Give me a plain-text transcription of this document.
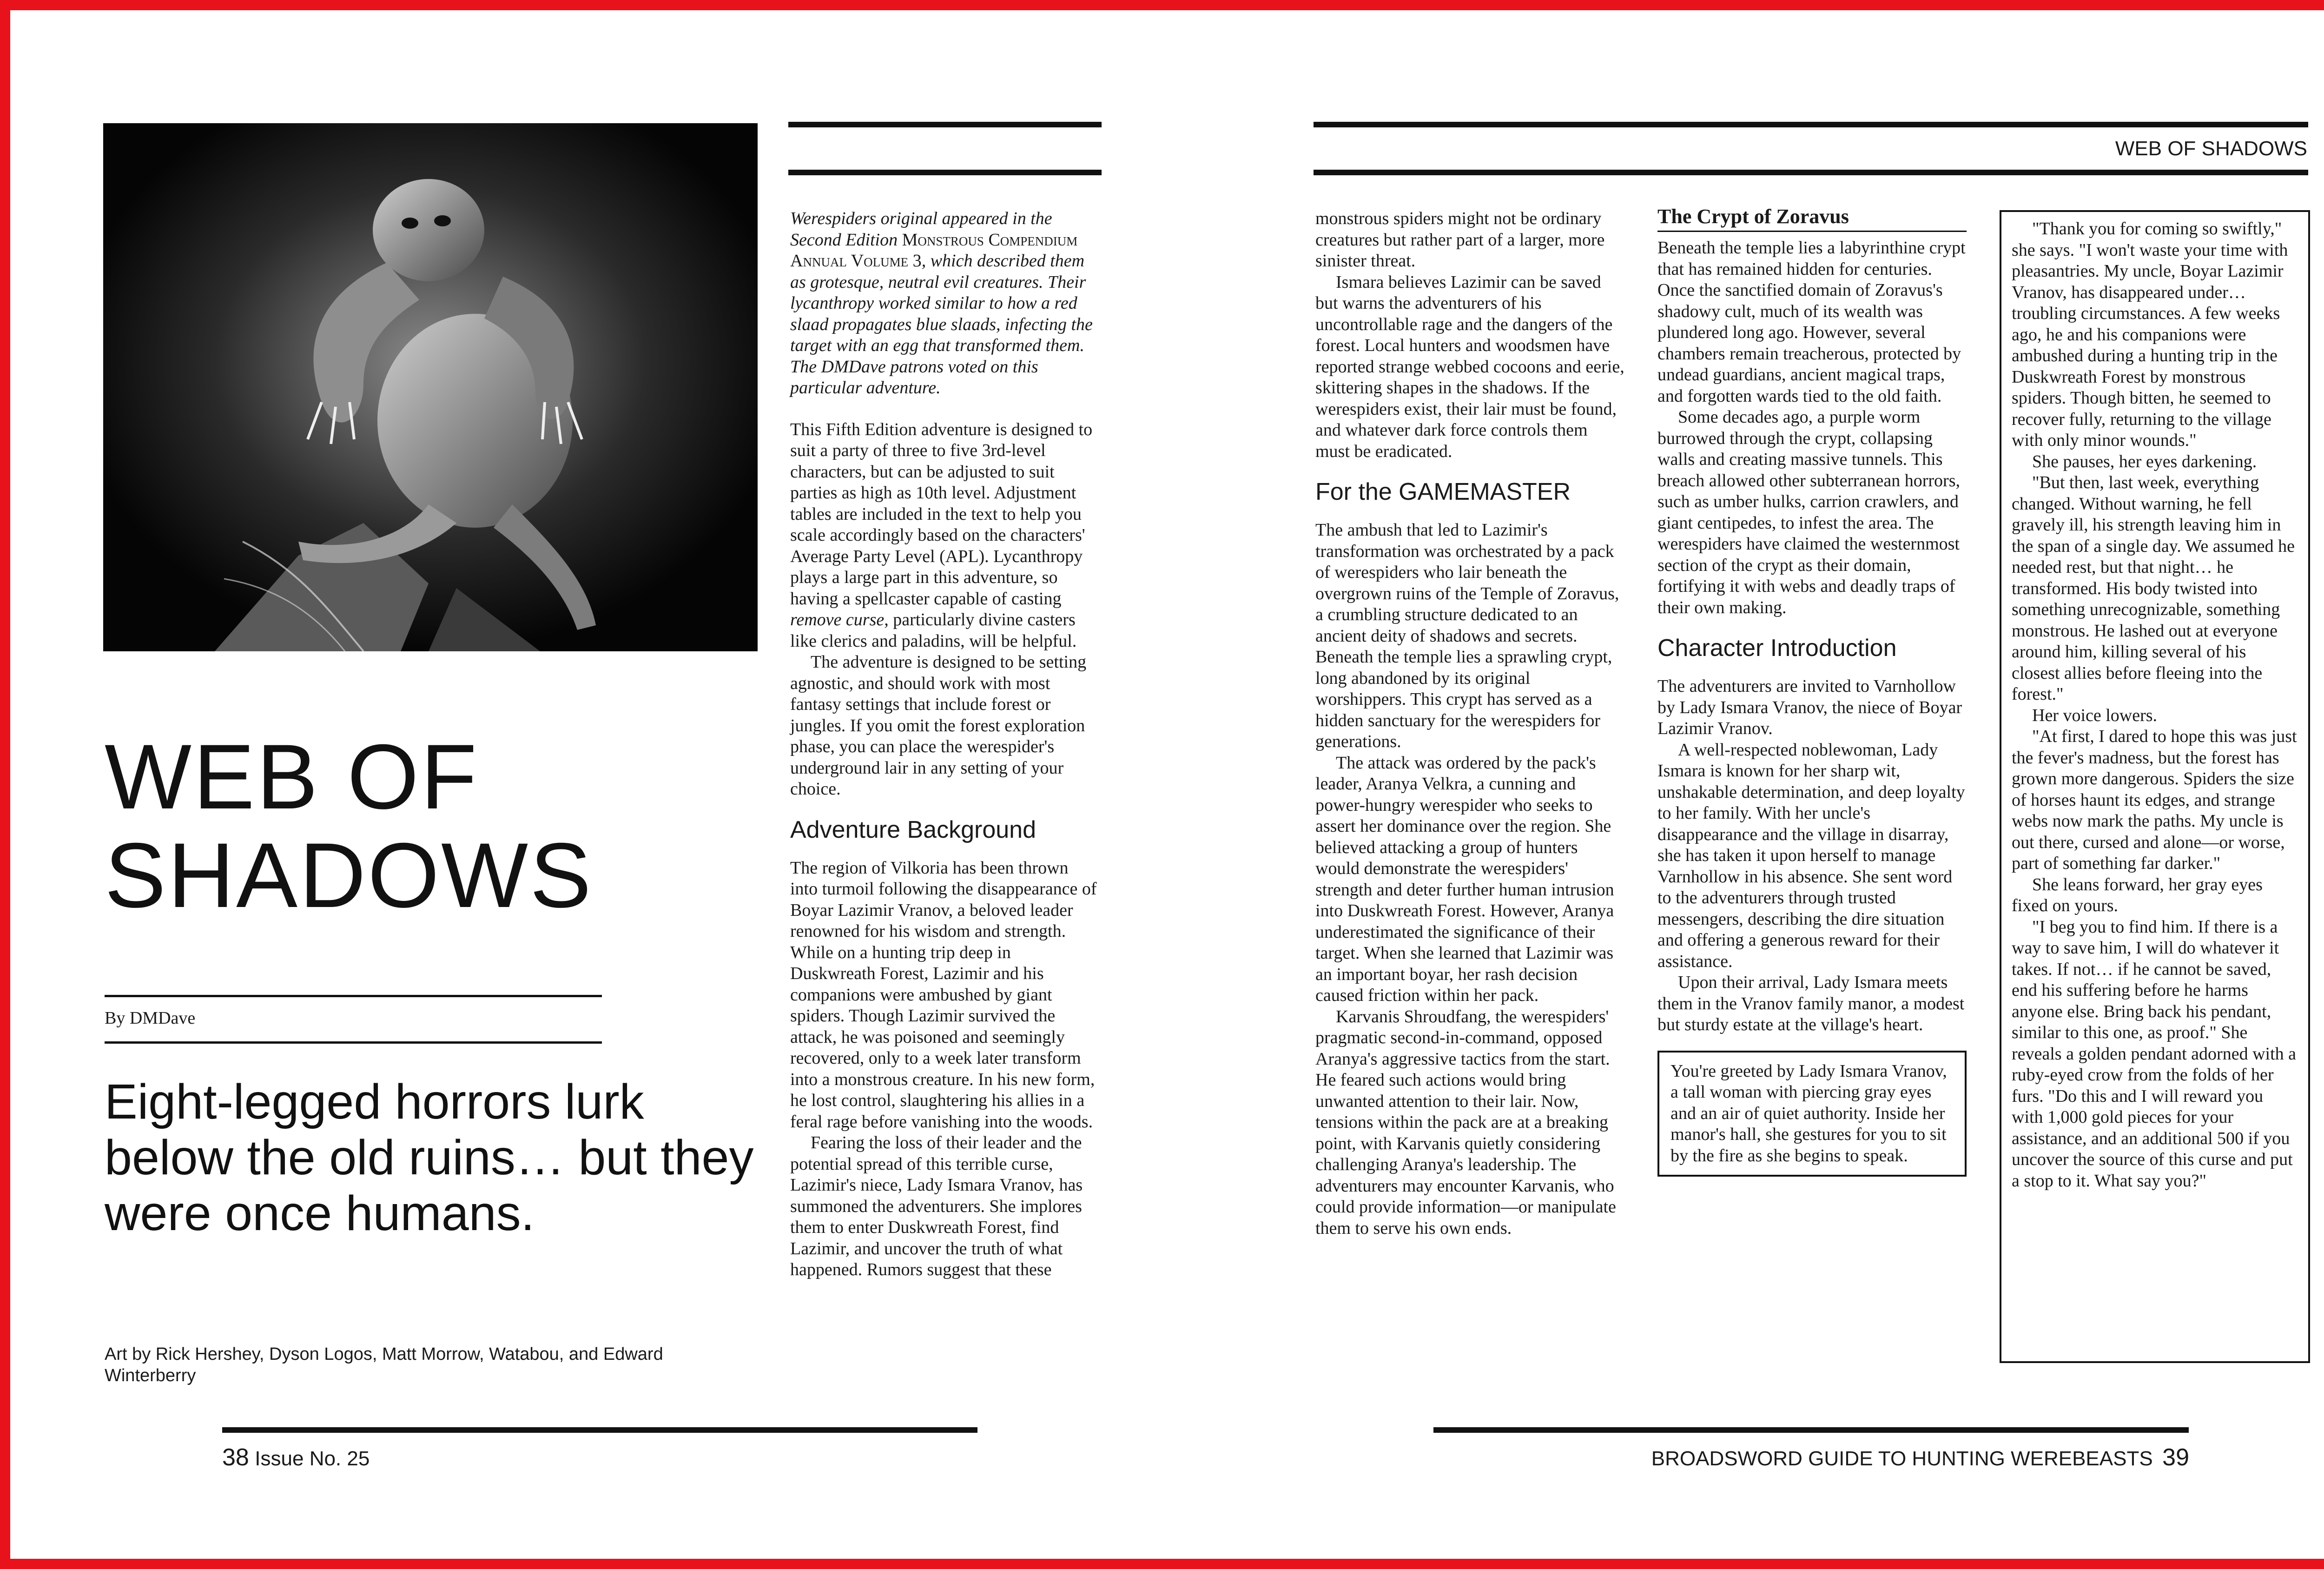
WEB OF
SHADOWS
By DMDave
Eight-legged horrors lurk below the old ruins… but they were once humans.
Art by Rick Hershey, Dyson Logos, Matt Morrow, Watabou, and Edward Winterberry
38 Issue No. 25

Werespiders original appeared in the Second Edition Monstrous Compendium Annual Volume 3, which described them as grotesque, neutral evil creatures. Their lycanthropy worked similar to how a red slaad propagates blue slaads, infecting the target with an egg that transformed them. The DMDave patrons voted on this particular adventure.

This Fifth Edition adventure is designed to suit a party of three to five 3rd-level characters, but can be adjusted to suit parties as high as 10th level. Adjustment tables are included in the text to help you scale accordingly based on the characters' Average Party Level (APL). Lycanthropy plays a large part in this adventure, so having a spellcaster capable of casting remove curse, particularly divine casters like clerics and paladins, will be helpful.

The adventure is designed to be setting agnostic, and should work with most fantasy settings that include forest or jungles. If you omit the forest exploration phase, you can place the werespider's underground lair in any setting of your choice.

Adventure Background

The region of Vilkoria has been thrown into turmoil following the disappearance of Boyar Lazimir Vranov, a beloved leader renowned for his wisdom and strength. While on a hunting trip deep in Duskwreath Forest, Lazimir and his companions were ambushed by giant spiders. Though Lazimir survived the attack, he was poisoned and seemingly recovered, only to a week later transform into a monstrous creature. In his new form, he lost control, slaughtering his allies in a feral rage before vanishing into the woods.

Fearing the loss of their leader and the potential spread of this terrible curse, Lazimir's niece, Lady Ismara Vranov, has summoned the adventurers. She implores them to enter Duskwreath Forest, find Lazimir, and uncover the truth of what happened. Rumors suggest that these

WEB OF SHADOWS

monstrous spiders might not be ordinary creatures but rather part of a larger, more sinister threat.

Ismara believes Lazimir can be saved but warns the adventurers of his uncontrollable rage and the dangers of the forest. Local hunters and woodsmen have reported strange webbed cocoons and eerie, skittering shapes in the shadows. If the werespiders exist, their lair must be found, and whatever dark force controls them must be eradicated.

For the GAMEMASTER

The ambush that led to Lazimir's transformation was orchestrated by a pack of werespiders who lair beneath the overgrown ruins of the Temple of Zoravus, a crumbling structure dedicated to an ancient deity of shadows and secrets. Beneath the temple lies a sprawling crypt, long abandoned by its original worshippers. This crypt has served as a hidden sanctuary for the werespiders for generations.

The attack was ordered by the pack's leader, Aranya Velkra, a cunning and power-hungry werespider who seeks to assert her dominance over the region. She believed attacking a group of hunters would demonstrate the werespiders' strength and deter further human intrusion into Duskwreath Forest. However, Aranya underestimated the significance of their target. When she learned that Lazimir was an important boyar, her rash decision caused friction within her pack.

Karvanis Shroudfang, the werespiders' pragmatic second-in-command, opposed Aranya's aggressive tactics from the start. He feared such actions would bring unwanted attention to their lair. Now, tensions within the pack are at a breaking point, with Karvanis quietly considering challenging Aranya's leadership. The adventurers may encounter Karvanis, who could provide information—or manipulate them to serve his own ends.

The Crypt of Zoravus

Beneath the temple lies a labyrinthine crypt that has remained hidden for centuries. Once the sanctified domain of Zoravus's shadowy cult, much of its wealth was plundered long ago. However, several chambers remain treacherous, protected by undead guardians, ancient magical traps, and forgotten wards tied to the old faith.

Some decades ago, a purple worm burrowed through the crypt, collapsing walls and creating massive tunnels. This breach allowed other subterranean horrors, such as umber hulks, carrion crawlers, and giant centipedes, to infest the area. The werespiders have claimed the westernmost section of the crypt as their domain, fortifying it with webs and deadly traps of their own making.

Character Introduction

The adventurers are invited to Varnhollow by Lady Ismara Vranov, the niece of Boyar Lazimir Vranov.

A well-respected noblewoman, Lady Ismara is known for her sharp wit, unshakable determination, and deep loyalty to her family. With her uncle's disappearance and the village in disarray, she has taken it upon herself to manage Varnhollow in his absence. She sent word to the adventurers through trusted messengers, describing the dire situation and offering a generous reward for their assistance.

Upon their arrival, Lady Ismara meets them in the Vranov family manor, a modest but sturdy estate at the village's heart.

You're greeted by Lady Ismara Vranov, a tall woman with piercing gray eyes and an air of quiet authority. Inside her manor's hall, she gestures for you to sit by the fire as she begins to speak.

"Thank you for coming so swiftly," she says. "I won't waste your time with pleasantries. My uncle, Boyar Lazimir Vranov, has disappeared under… troubling circumstances. A few weeks ago, he and his companions were ambushed during a hunting trip in the Duskwreath Forest by monstrous spiders. Though bitten, he seemed to recover fully, returning to the village with only minor wounds."

She pauses, her eyes darkening.

"But then, last week, everything changed. Without warning, he fell gravely ill, his strength leaving him in the span of a single day. We assumed he needed rest, but that night… he transformed. His body twisted into something unrecognizable, something monstrous. He lashed out at everyone around him, killing several of his closest allies before fleeing into the forest."

Her voice lowers.

"At first, I dared to hope this was just the fever's madness, but the forest has grown more dangerous. Spiders the size of horses haunt its edges, and strange webs now mark the paths. My uncle is out there, cursed and alone—or worse, part of something far darker."

She leans forward, her gray eyes fixed on yours.

"I beg you to find him. If there is a way to save him, I will do whatever it takes. If not… if he cannot be saved, end his suffering before he harms anyone else. Bring back his pendant, similar to this one, as proof." She reveals a golden pendant adorned with a ruby-eyed crow from the folds of her furs. "Do this and I will reward you with 1,000 gold pieces for your assistance, and an additional 500 if you uncover the source of this curse and put a stop to it. What say you?"

BROADSWORD GUIDE TO HUNTING WEREBEASTS 39
